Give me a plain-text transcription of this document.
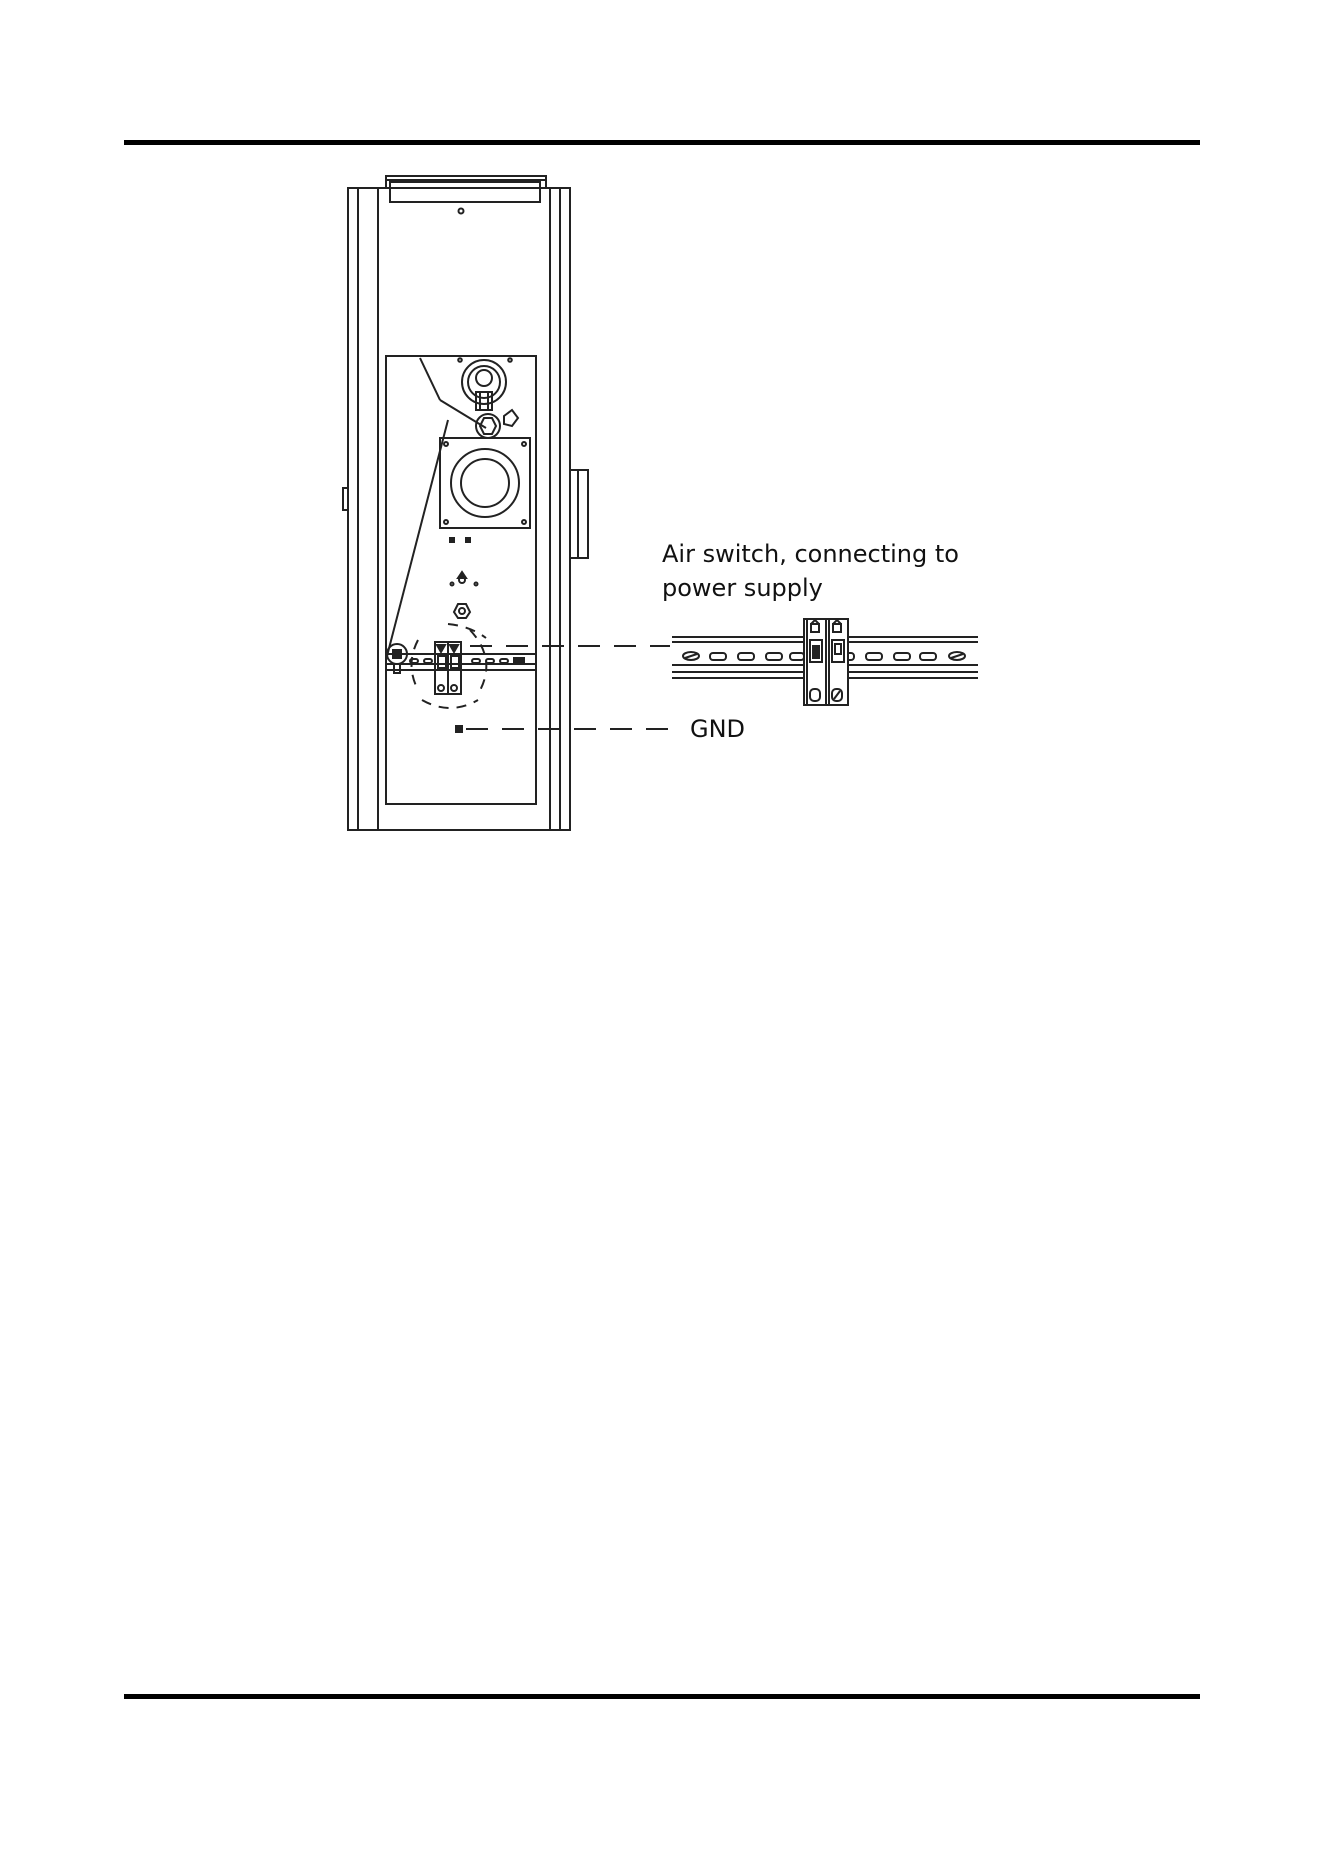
Air switch, connecting to
power supply
GND
